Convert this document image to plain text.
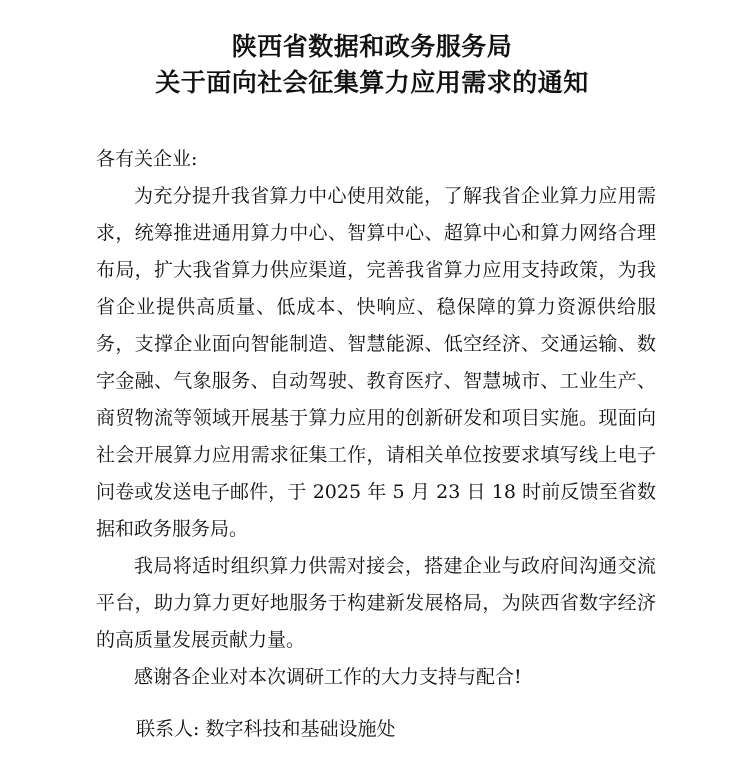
陕西省数据和政务服务局
关于面向社会征集算力应用需求的通知

各有关企业:

为充分提升我省算力中心使用效能，了解我省企业算力应用需求，统筹推进通用算力中心、智算中心、超算中心和算力网络合理布局，扩大我省算力供应渠道，完善我省算力应用支持政策，为我省企业提供高质量、低成本、快响应、稳保障的算力资源供给服务，支撑企业面向智能制造、智慧能源、低空经济、交通运输、数字金融、气象服务、自动驾驶、教育医疗、智慧城市、工业生产、商贸物流等领域开展基于算力应用的创新研发和项目实施。现面向社会开展算力应用需求征集工作，请相关单位按要求填写线上电子问卷或发送电子邮件，于 2025 年 5 月 23 日 18 时前反馈至省数据和政务服务局。

我局将适时组织算力供需对接会，搭建企业与政府间沟通交流平台，助力算力更好地服务于构建新发展格局，为陕西省数字经济的高质量发展贡献力量。

感谢各企业对本次调研工作的大力支持与配合!

联系人: 数字科技和基础设施处
